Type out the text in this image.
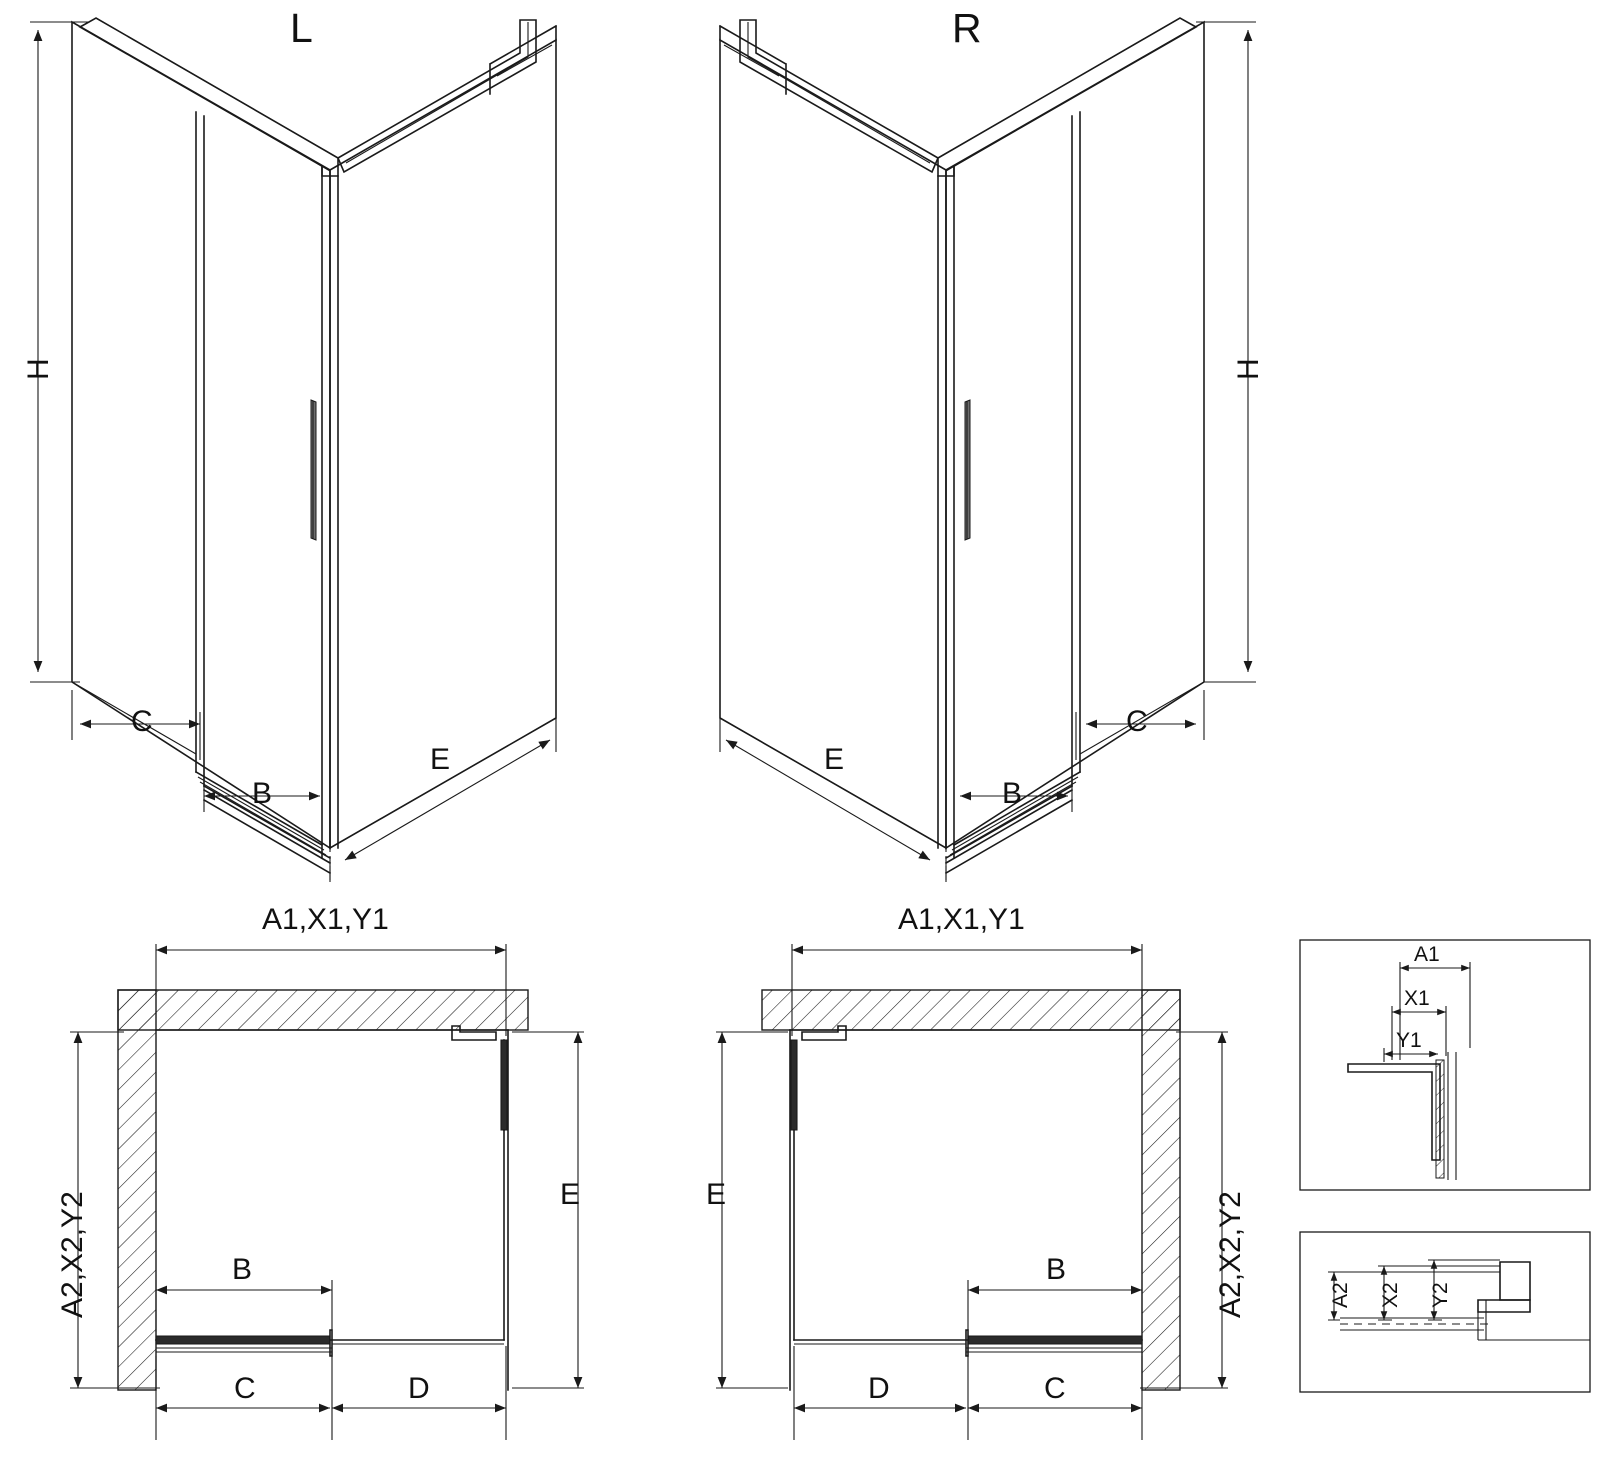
L	R
H
C
B
E
H
C
B
E
A1,X1,Y1
A2,X2,Y2	E
B
C	D
A1,X1,Y1
A2,X2,Y2
E
B
C
D
A1
X1
Y1
A2 X2 Y2
